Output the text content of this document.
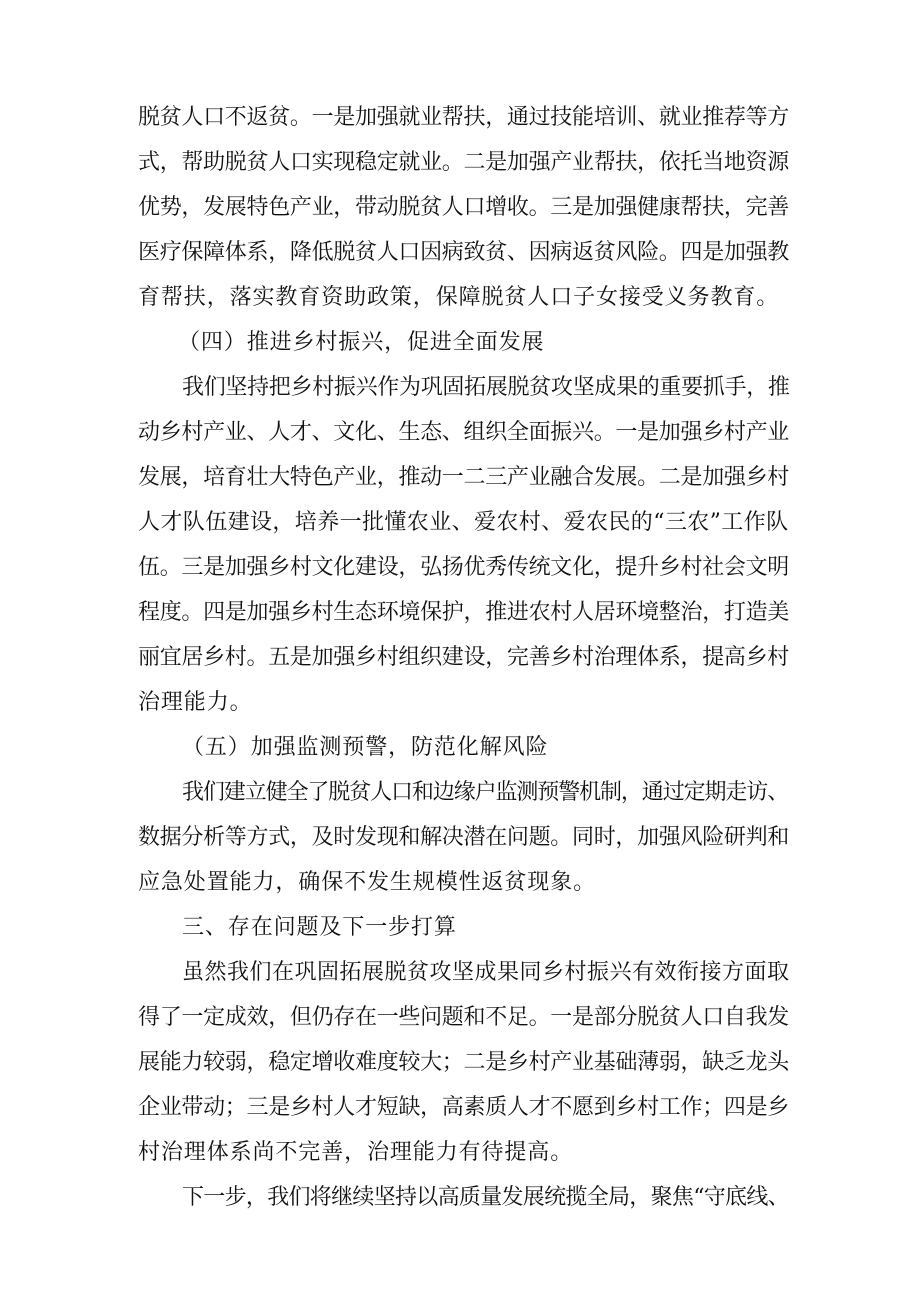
脱贫人口不返贫。一是加强就业帮扶，通过技能培训、就业推荐等方
式，帮助脱贫人口实现稳定就业。二是加强产业帮扶，依托当地资源
优势，发展特色产业，带动脱贫人口增收。三是加强健康帮扶，完善
医疗保障体系，降低脱贫人口因病致贫、因病返贫风险。四是加强教
育帮扶，落实教育资助政策，保障脱贫人口子女接受义务教育。
（四）推进乡村振兴，促进全面发展
我们坚持把乡村振兴作为巩固拓展脱贫攻坚成果的重要抓手，推
动乡村产业、人才、文化、生态、组织全面振兴。一是加强乡村产业
发展，培育壮大特色产业，推动一二三产业融合发展。二是加强乡村
人才队伍建设，培养一批懂农业、爱农村、爱农民的“三农”工作队
伍。三是加强乡村文化建设，弘扬优秀传统文化，提升乡村社会文明
程度。四是加强乡村生态环境保护，推进农村人居环境整治，打造美
丽宜居乡村。五是加强乡村组织建设，完善乡村治理体系，提高乡村
治理能力。
（五）加强监测预警，防范化解风险
我们建立健全了脱贫人口和边缘户监测预警机制，通过定期走访、
数据分析等方式，及时发现和解决潜在问题。同时，加强风险研判和
应急处置能力，确保不发生规模性返贫现象。
三、存在问题及下一步打算
虽然我们在巩固拓展脱贫攻坚成果同乡村振兴有效衔接方面取
得了一定成效，但仍存在一些问题和不足。一是部分脱贫人口自我发
展能力较弱，稳定增收难度较大；二是乡村产业基础薄弱，缺乏龙头
企业带动；三是乡村人才短缺，高素质人才不愿到乡村工作；四是乡
村治理体系尚不完善，治理能力有待提高。
下一步，我们将继续坚持以高质量发展统揽全局，聚焦“守底线、
